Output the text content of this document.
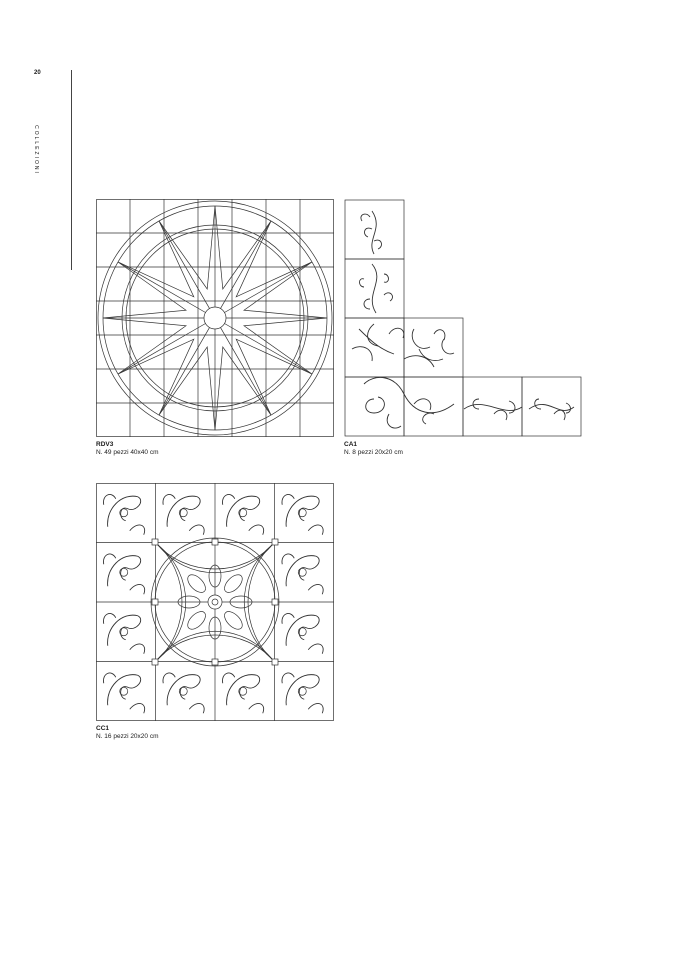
20
COLLEZIONI
RDV3
N. 49 pezzi 40x40 cm
CA1
N. 8 pezzi 20x20 cm
CC1
N. 16 pezzi 20x20 cm
